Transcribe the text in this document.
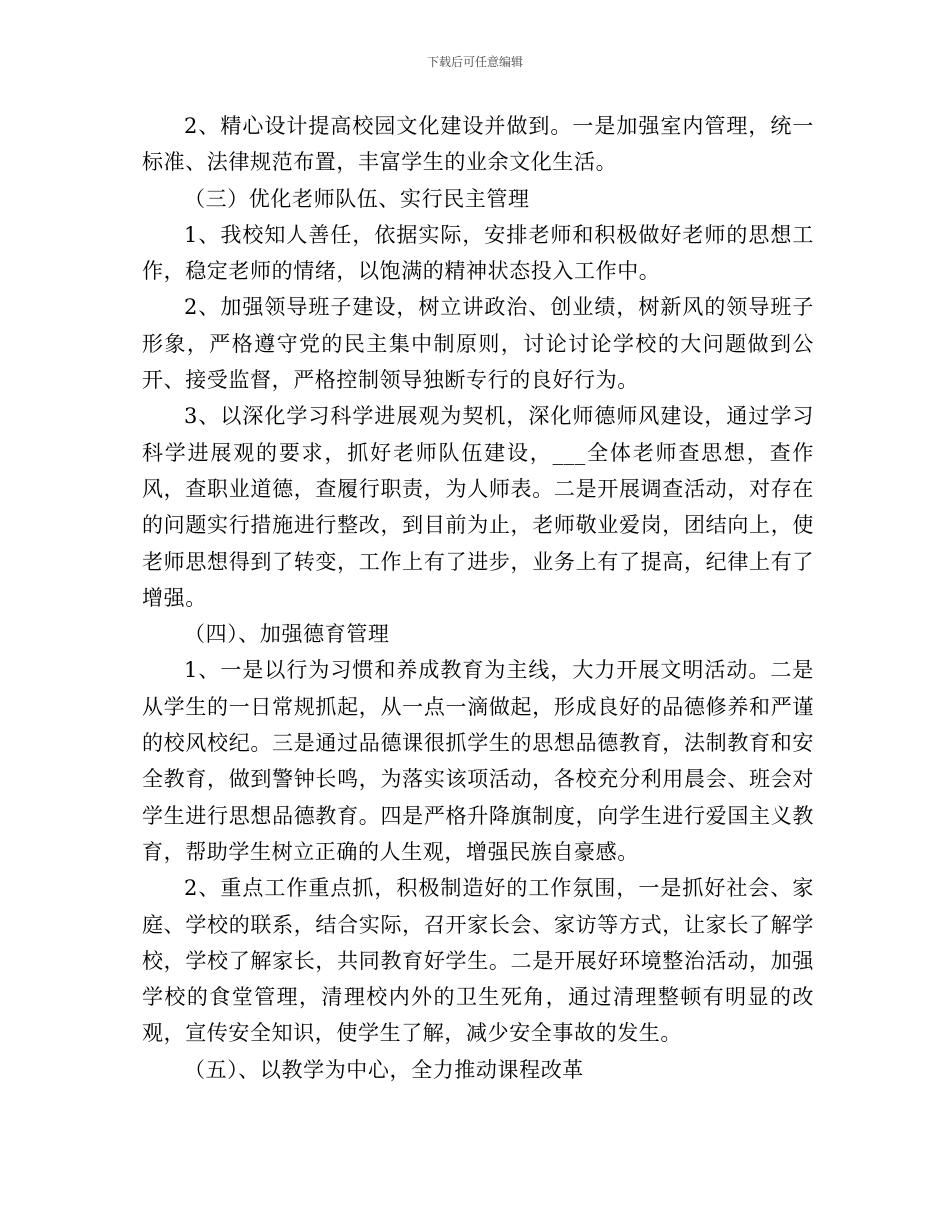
下载后可任意编辑

2、精心设计提高校园文化建设并做到。一是加强室内管理，统一标准、法律规范布置，丰富学生的业余文化生活。

（三）优化老师队伍、实行民主管理

1、我校知人善任，依据实际，安排老师和积极做好老师的思想工作，稳定老师的情绪，以饱满的精神状态投入工作中。

2、加强领导班子建设，树立讲政治、创业绩，树新风的领导班子形象，严格遵守党的民主集中制原则，讨论讨论学校的大问题做到公开、接受监督，严格控制领导独断专行的良好行为。

3、以深化学习科学进展观为契机，深化师德师风建设，通过学习科学进展观的要求，抓好老师队伍建设，___全体老师查思想，查作风，查职业道德，查履行职责，为人师表。二是开展调查活动，对存在的问题实行措施进行整改，到目前为止，老师敬业爱岗，团结向上，使老师思想得到了转变，工作上有了进步，业务上有了提高，纪律上有了增强。

（四）、加强德育管理

1、一是以行为习惯和养成教育为主线，大力开展文明活动。二是从学生的一日常规抓起，从一点一滴做起，形成良好的品德修养和严谨的校风校纪。三是通过品德课很抓学生的思想品德教育，法制教育和安全教育，做到警钟长鸣，为落实该项活动，各校充分利用晨会、班会对学生进行思想品德教育。四是严格升降旗制度，向学生进行爱国主义教育，帮助学生树立正确的人生观，增强民族自豪感。

2、重点工作重点抓，积极制造好的工作氛围，一是抓好社会、家庭、学校的联系，结合实际，召开家长会、家访等方式，让家长了解学校，学校了解家长，共同教育好学生。二是开展好环境整治活动，加强学校的食堂管理，清理校内外的卫生死角，通过清理整顿有明显的改观，宣传安全知识，使学生了解，减少安全事故的发生。

（五）、以教学为中心，全力推动课程改革
